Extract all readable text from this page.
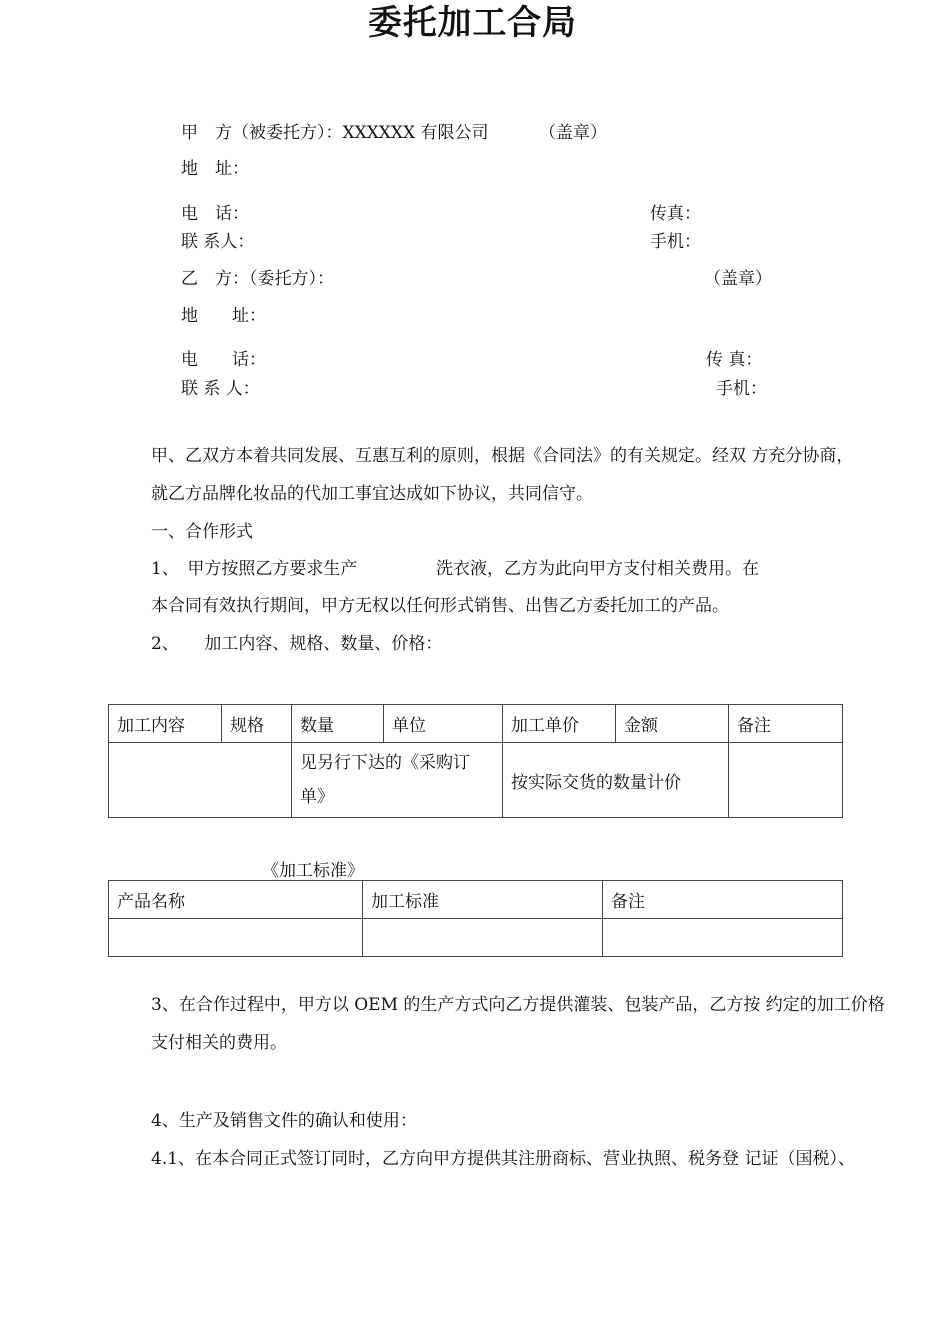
委托加工合局
甲　方（被委托方）：XXXXXX 有限公司	（盖章）
地　址：
电　话：	传真：
联 系人：	手机：
乙　方：（委托方）：	（盖章）
地　　址：
电　　话：	传 真：
联 系 人：	手机：
甲、乙双方本着共同发展、互惠互利的原则，根据《合同法》的有关规定。经双 方充分协商，
就乙方品牌化妆品的代加工事宜达成如下协议，共同信守。
一、合作形式
1、　甲方按照乙方要求生产	洗衣液，乙方为此向甲方支付相关费用。在
本合同有效执行期间，甲方无权以任何形式销售、出售乙方委托加工的产品。
2、　　加工内容、规格、数量、价格：
加工内容	规格	数量	单位	加工单价	金额	备注
		见另行下达的《采购订单》		按实际交货的数量计价		
《加工标准》
产品名称	加工标准	备注

3、在合作过程中，甲方以 OEM 的生产方式向乙方提供灌装、包装产品，乙方按 约定的加工价格
支付相关的费用。
4、生产及销售文件的确认和使用：
4.1、在本合同正式签订同时，乙方向甲方提供其注册商标、营业执照、税务登 记证（国税）、
